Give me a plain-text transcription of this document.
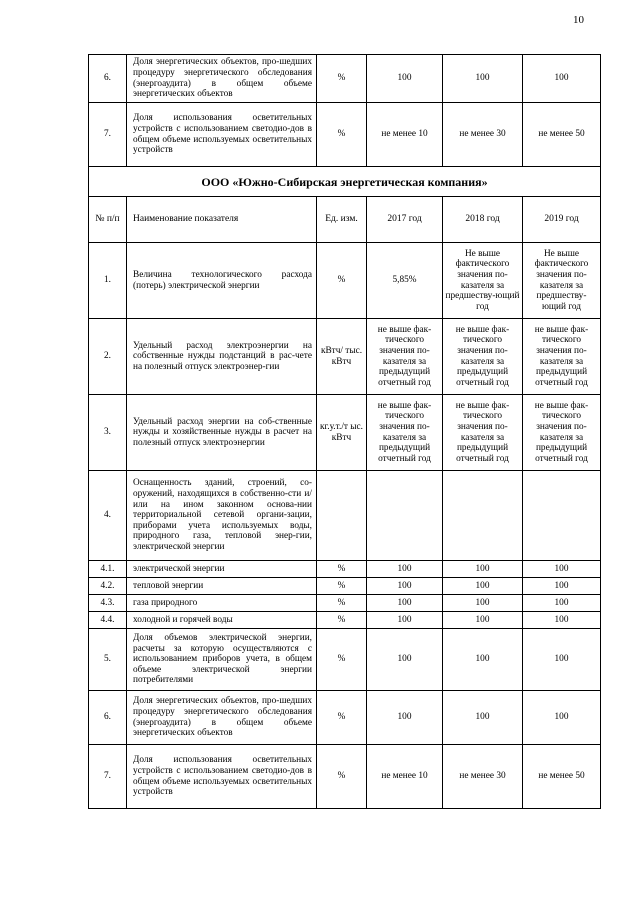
10
6.	Доля энергетических объектов, про-шедших процедуру энергетического обследования (энергоаудита) в общем объеме энергетических объектов	%	100	100	100
7.	Доля использования осветительных устройств с использованием светодио-дов в общем объеме используемых осветительных устройств	%	не менее 10	не менее 30	не менее 50
ООО «Южно-Сибирская энергетическая компания»					
№ п/п	Наименование показателя	Ед. изм.	2017 год	2018 год	2019 год
1.	Величина технологического расхода (потерь) электрической энергии	%	5,85%	Не выше фактического значения по-казателя за предшеству-ющий год	Не выше фактического значения по-казателя за предшеству-ющий год
2.	Удельный расход электроэнергии на собственные нужды подстанций в рас-чете на полезный отпуск электроэнер-гии	кВтч/ тыс. кВтч	не выше фак-тического значения по-казателя за предыдущий отчетный год	не выше фак-тического значения по-казателя за предыдущий отчетный год	не выше фак-тического значения по-казателя за предыдущий отчетный год
3.	Удельный расход энергии на соб-ственные нужды и хозяйственные нужды в расчет на полезный отпуск электроэнергии	кг.у.т./т ыс. кВтч	не выше фак-тического значения по-казателя за предыдущий отчетный год	не выше фак-тического значения по-казателя за предыдущий отчетный год	не выше фак-тического значения по-казателя за предыдущий отчетный год
4.	Оснащенность зданий, строений, со-оружений, находящихся в собственно-сти и/или на ином законном основа-нии территориальной сетевой органи-зации, приборами учета используемых воды, природного газа, тепловой энер-гии, электрической энергии				
4.1.	электрической энергии	%	100	100	100
4.2.	тепловой энергии	%	100	100	100
4.3.	газа природного	%	100	100	100
4.4.	холодной и горячей воды	%	100	100	100
5.	Доля объемов электрической энергии, расчеты за которую осуществляются с использованием приборов учета, в общем объеме электрической энергии потребителями	%	100	100	100
6.	Доля энергетических объектов, про-шедших процедуру энергетического обследования (энергоаудита) в общем объеме энергетических объектов	%	100	100	100
7.	Доля использования осветительных устройств с использованием светодио-дов в общем объеме используемых осветительных устройств	%	не менее 10	не менее 30	не менее 50
